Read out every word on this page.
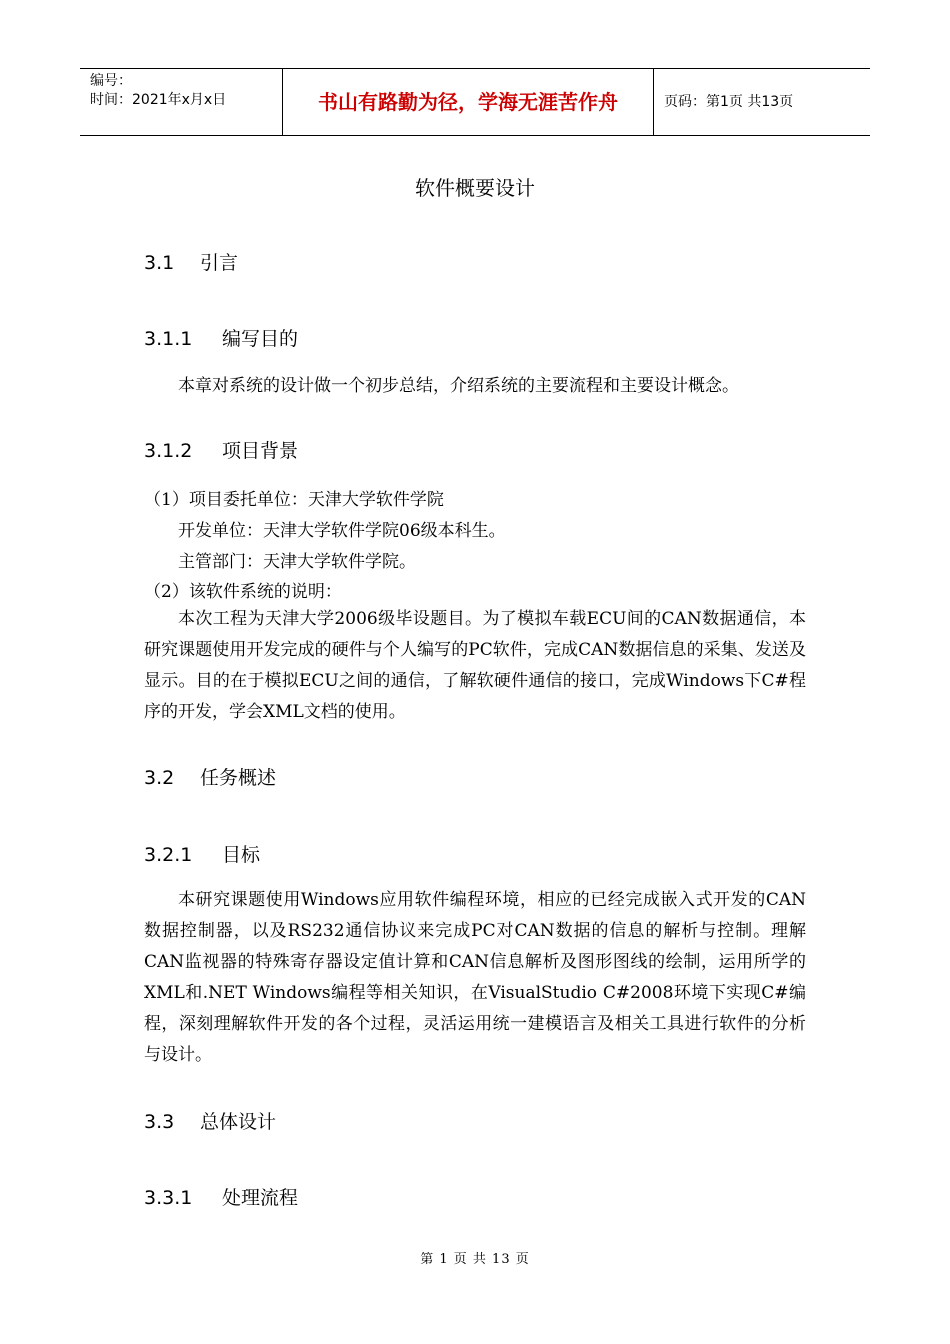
编号：
时间：2021年x月x日	书山有路勤为径，学海无涯苦作舟	页码：第1页 共13页
软件概要设计
3.1 引言
3.1.1 编写目的
本章对系统的设计做一个初步总结，介绍系统的主要流程和主要设计概念。
3.1.2 项目背景
（1）项目委托单位：天津大学软件学院
开发单位：天津大学软件学院06级本科生。
主管部门：天津大学软件学院。
（2）该软件系统的说明：
本次工程为天津大学2006级毕设题目。为了模拟车载ECU间的CAN数据通信，本研究课题使用开发完成的硬件与个人编写的PC软件，完成CAN数据信息的采集、发送及显示。目的在于模拟ECU之间的通信，了解软硬件通信的接口，完成Windows下C#程序的开发，学会XML文档的使用。
3.2 任务概述
3.2.1 目标
本研究课题使用Windows应用软件编程环境，相应的已经完成嵌入式开发的CAN数据控制器，以及RS232通信协议来完成PC对CAN数据的信息的解析与控制。理解CAN监视器的特殊寄存器设定值计算和CAN信息解析及图形图线的绘制，运用所学的XML和.NET Windows编程等相关知识，在VisualStudio C#2008环境下实现C#编程，深刻理解软件开发的各个过程，灵活运用统一建模语言及相关工具进行软件的分析与设计。
3.3 总体设计
3.3.1 处理流程
第 1 页 共 13 页
